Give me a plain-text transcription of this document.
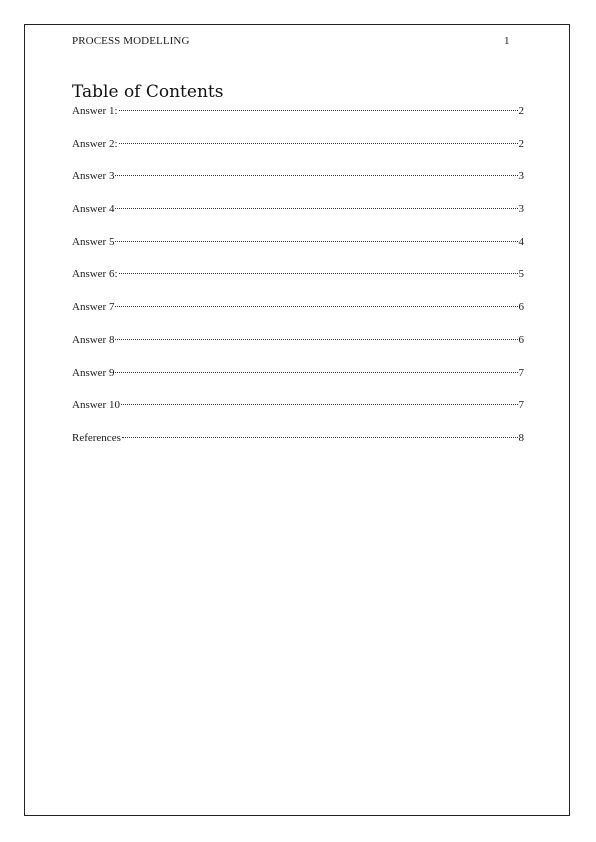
PROCESS MODELLING	1
Table of Contents
Answer 1:	2
Answer 2:	2
Answer 3	3
Answer 4	3
Answer 5	4
Answer 6:	5
Answer 7	6
Answer 8	6
Answer 9	7
Answer 10	7
References	8
